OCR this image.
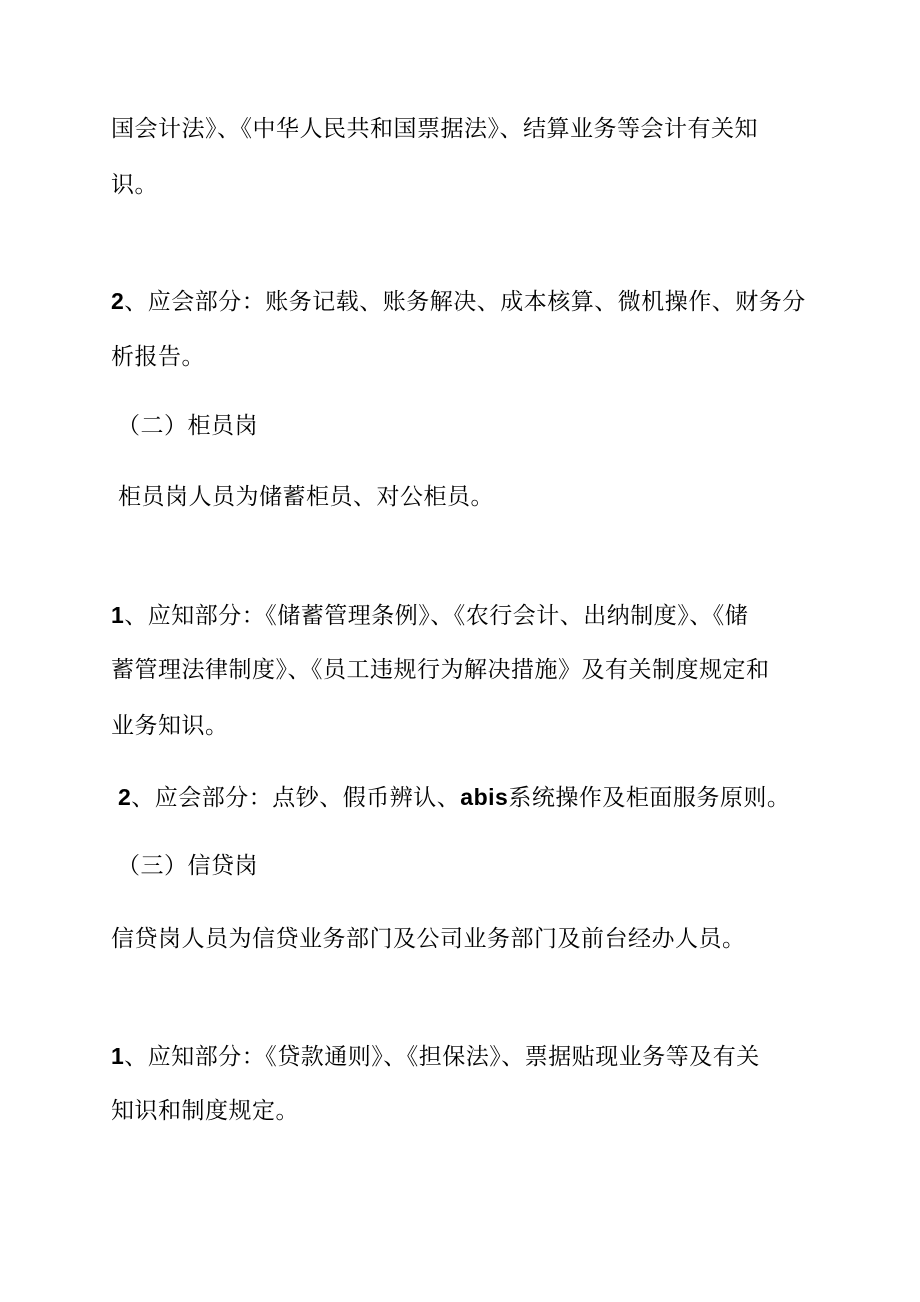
国会计法》、《中华人民共和国票据法》、结算业务等会计有关知
识。
2、应会部分：账务记载、账务解决、成本核算、微机操作、财务分
析报告。
（二）柜员岗
柜员岗人员为储蓄柜员、对公柜员。
1、应知部分：《储蓄管理条例》、《农行会计、出纳制度》、《储
蓄管理法律制度》、《员工违规行为解决措施》及有关制度规定和
业务知识。
2、应会部分：点钞、假币辨认、abis系统操作及柜面服务原则。
（三）信贷岗
信贷岗人员为信贷业务部门及公司业务部门及前台经办人员。
1、应知部分：《贷款通则》、《担保法》、票据贴现业务等及有关
知识和制度规定。
